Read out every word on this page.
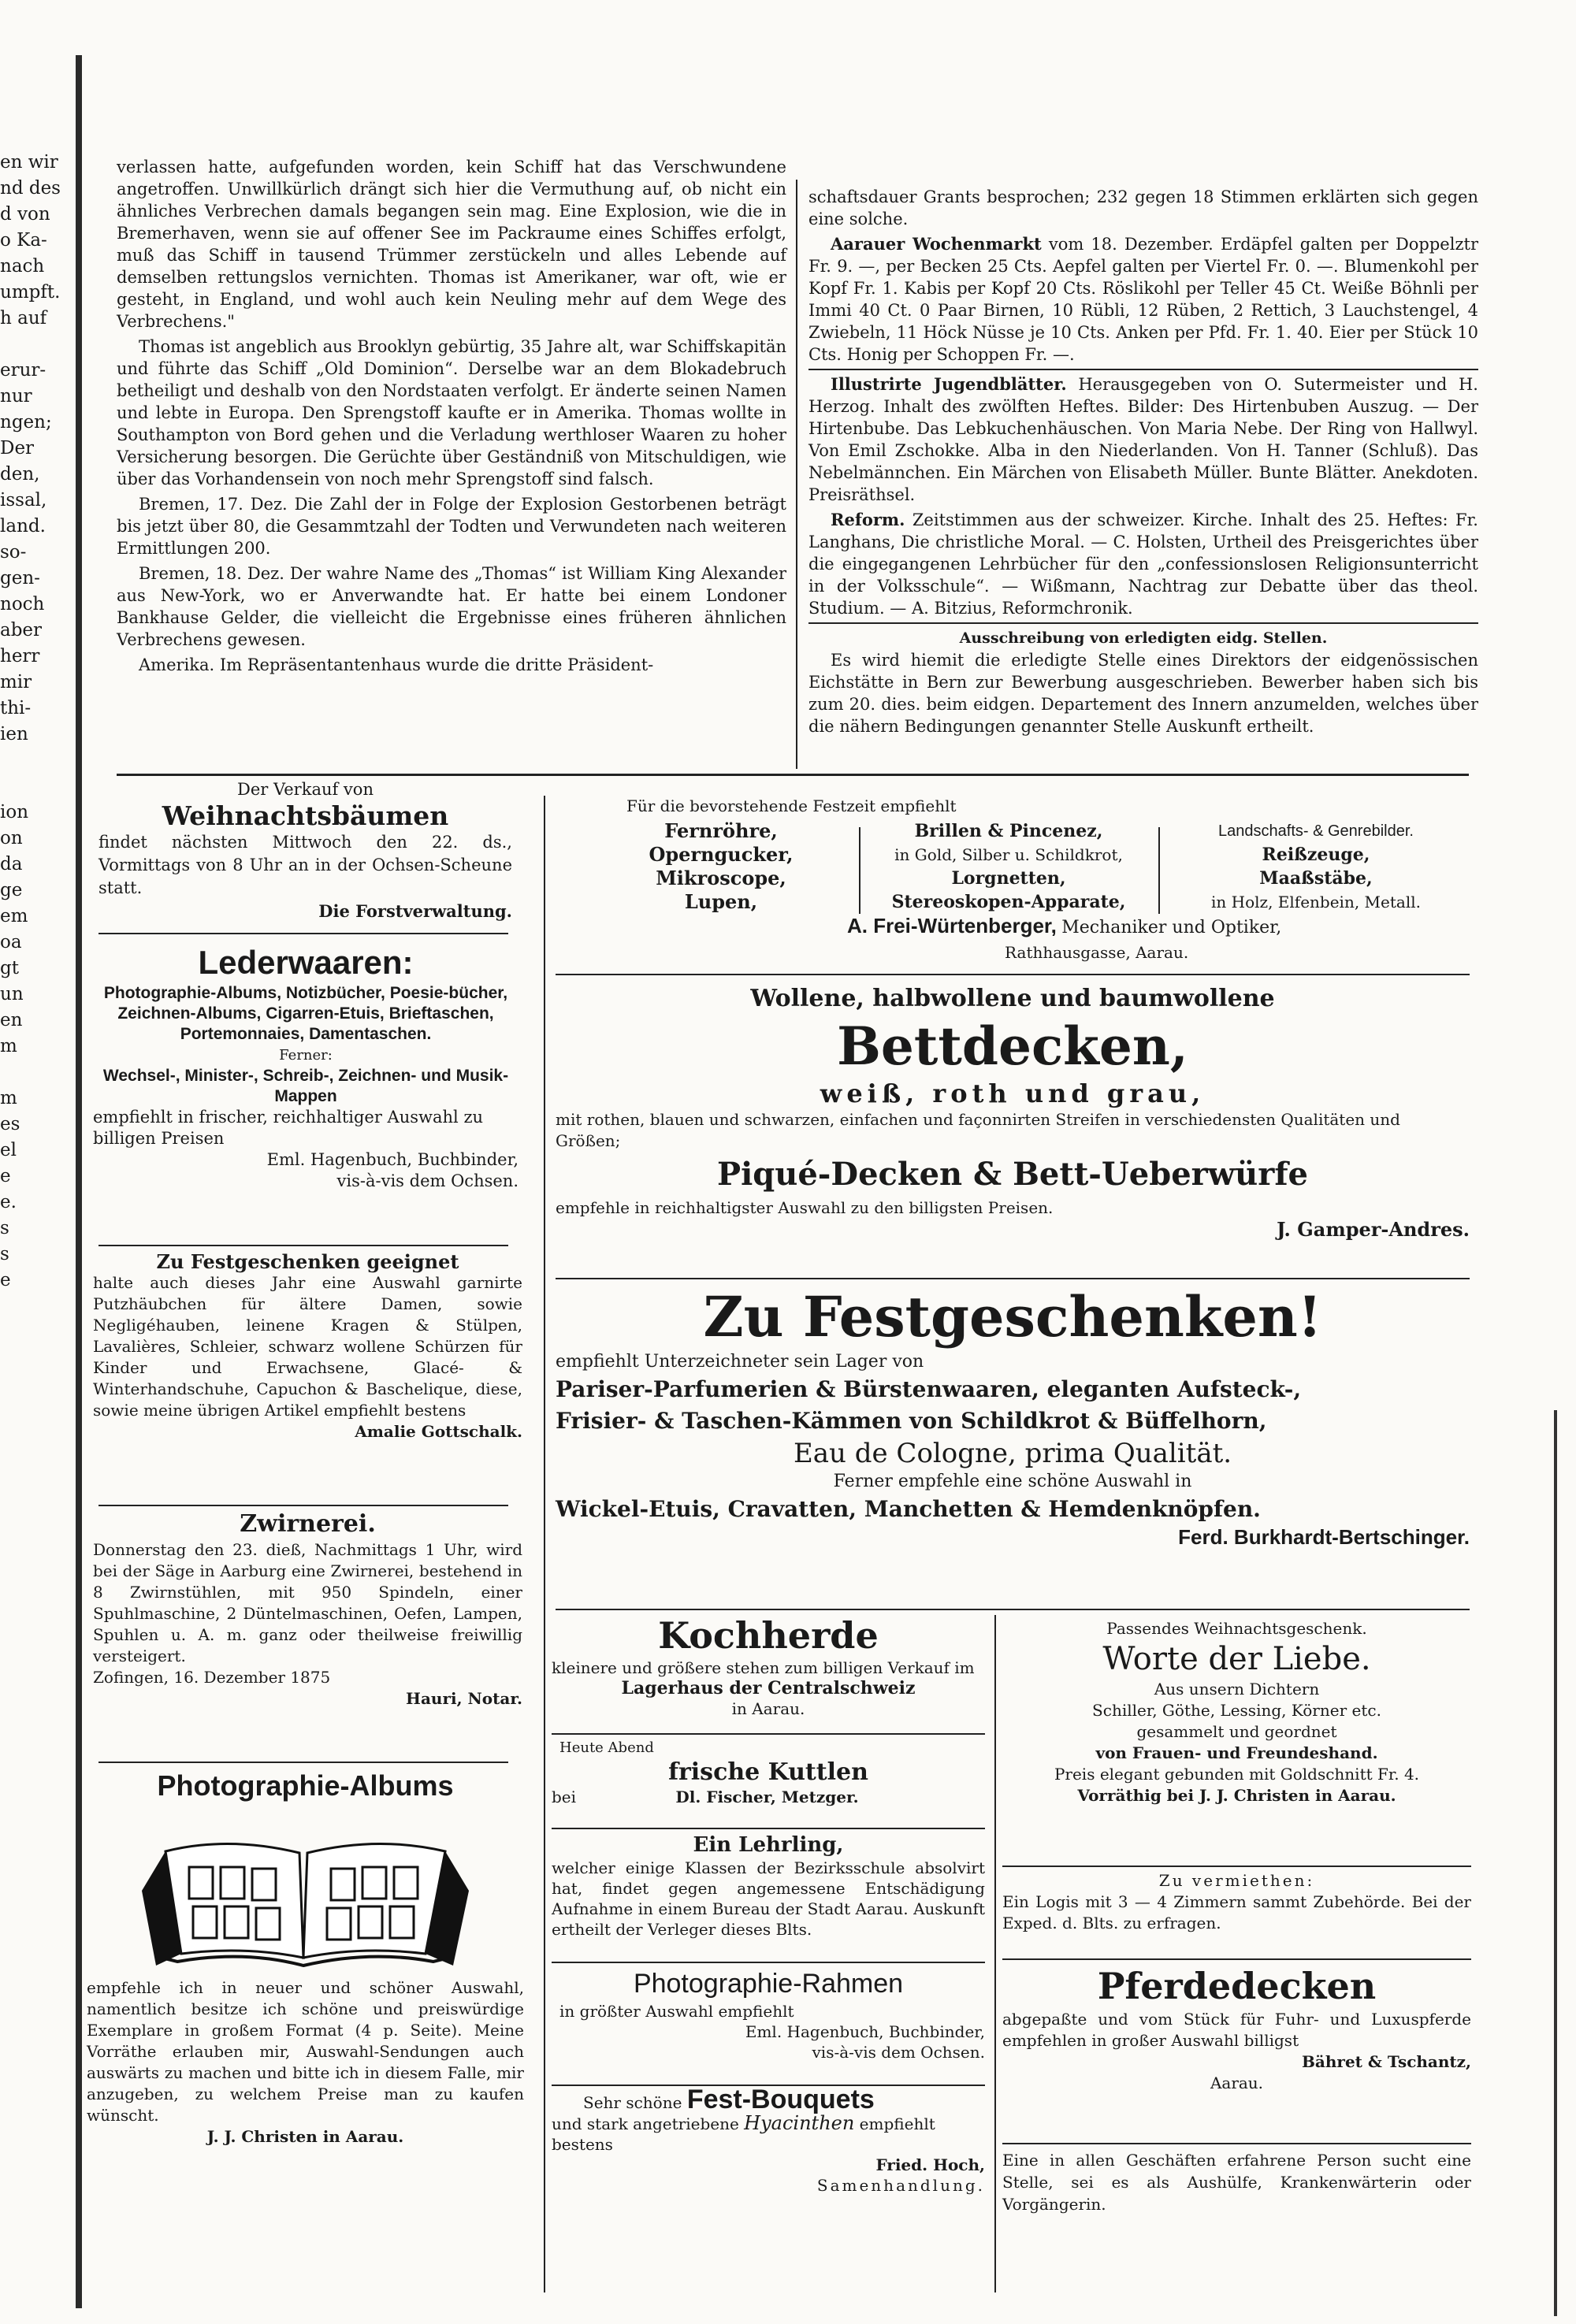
en wir
nd des
d von
o Ka-
nach
umpft.
h auf

erur-
nur
ngen;
Der
den,
issal,
land.
so-
gen-
noch
aber
herr
mir
thi-
ien

ion
on
da
ge
em
oa
gt
un
en
m

m
es
el
e
e.
s
s
e

verlassen hatte, aufgefunden worden, kein Schiff hat das Verschwundene angetroffen. Unwillkürlich drängt sich hier die Vermuthung auf, ob nicht ein ähnliches Verbrechen damals begangen sein mag. Eine Explosion, wie die in Bremerhaven, wenn sie auf offener See im Packraume eines Schiffes erfolgt, muß das Schiff in tausend Trümmer zerstückeln und alles Lebende auf demselben rettungslos vernichten. Thomas ist Amerikaner, war oft, wie er gesteht, in England, und wohl auch kein Neuling mehr auf dem Wege des Verbrechens."

Thomas ist angeblich aus Brooklyn gebürtig, 35 Jahre alt, war Schiffskapitän und führte das Schiff „Old Dominion“. Derselbe war an dem Blokadebruch betheiligt und deshalb von den Nordstaaten verfolgt. Er änderte seinen Namen und lebte in Europa. Den Sprengstoff kaufte er in Amerika. Thomas wollte in Southampton von Bord gehen und die Verladung werthloser Waaren zu hoher Versicherung besorgen. Die Gerüchte über Geständniß von Mitschuldigen, wie über das Vorhandensein von noch mehr Sprengstoff sind falsch.

Bremen, 17. Dez. Die Zahl der in Folge der Explosion Gestorbenen beträgt bis jetzt über 80, die Gesammtzahl der Todten und Verwundeten nach weiteren Ermittlungen 200.

Bremen, 18. Dez. Der wahre Name des „Thomas“ ist William King Alexander aus New-York, wo er Anverwandte hat. Er hatte bei einem Londoner Bankhause Gelder, die vielleicht die Ergebnisse eines früheren ähnlichen Verbrechens gewesen.

Amerika. Im Repräsentantenhaus wurde die dritte Präsident-

schaftsdauer Grants besprochen; 232 gegen 18 Stimmen erklärten sich gegen eine solche.

Aarauer Wochenmarkt vom 18. Dezember. Erdäpfel galten per Doppelztr Fr. 9. —, per Becken 25 Cts. Aepfel galten per Viertel Fr. 0. —. Blumenkohl per Kopf Fr. 1. Kabis per Kopf 20 Cts. Röslikohl per Teller 45 Ct. Weiße Böhnli per Immi 40 Ct. 0 Paar Birnen, 10 Rübli, 12 Rüben, 2 Rettich, 3 Lauchstengel, 4 Zwiebeln, 11 Höck Nüsse je 10 Cts. Anken per Pfd. Fr. 1. 40. Eier per Stück 10 Cts. Honig per Schoppen Fr. —.

Illustrirte Jugendblätter. Herausgegeben von O. Sutermeister und H. Herzog. Inhalt des zwölften Heftes. Bilder: Des Hirtenbuben Auszug. — Der Hirtenbube. Das Lebkuchenhäuschen. Von Maria Nebe. Der Ring von Hallwyl. Von Emil Zschokke. Alba in den Niederlanden. Von H. Tanner (Schluß). Das Nebelmännchen. Ein Märchen von Elisabeth Müller. Bunte Blätter. Anekdoten. Preisräthsel.

Reform. Zeitstimmen aus der schweizer. Kirche. Inhalt des 25. Heftes: Fr. Langhans, Die christliche Moral. — C. Holsten, Urtheil des Preisgerichtes über die eingegangenen Lehrbücher für den „confessionslosen Religionsunterricht in der Volksschule“. — Wißmann, Nachtrag zur Debatte über das theol. Studium. — A. Bitzius, Reformchronik.

Ausschreibung von erledigten eidg. Stellen.

Es wird hiemit die erledigte Stelle eines Direktors der eidgenössischen Eichstätte in Bern zur Bewerbung ausgeschrieben. Bewerber haben sich bis zum 20. dies. beim eidgen. Departement des Innern anzumelden, welches über die nähern Bedingungen genannter Stelle Auskunft ertheilt.

Der Verkauf von

Weihnachtsbäumen

findet nächsten Mittwoch den 22. ds., Vormittags von 8 Uhr an in der Ochsen-Scheune statt.

Die Forstverwaltung.

Lederwaaren:

Photographie-Albums, Notizbücher, Poesie-bücher, Zeichnen-Albums, Cigarren-Etuis, Brieftaschen, Portemonnaies, Damentaschen.

Ferner:

Wechsel-, Minister-, Schreib-, Zeichnen- und Musik-Mappen

empfiehlt in frischer, reichhaltiger Auswahl zu billigen Preisen

Eml. Hagenbuch, Buchbinder,

vis-à-vis dem Ochsen.

Zu Festgeschenken geeignet

halte auch dieses Jahr eine Auswahl garnirte Putzhäubchen für ältere Damen, sowie Negligéhauben, leinene Kragen & Stülpen, Lavalières, Schleier, schwarz wollene Schürzen für Kinder und Erwachsene, Glacé- & Winterhandschuhe, Capuchon & Baschelique, diese, sowie meine übrigen Artikel empfiehlt bestens

Amalie Gottschalk.

Zwirnerei.

Donnerstag den 23. dieß, Nachmittags 1 Uhr, wird bei der Säge in Aarburg eine Zwirnerei, bestehend in 8 Zwirnstühlen, mit 950 Spindeln, einer Spuhlmaschine, 2 Düntelmaschinen, Oefen, Lampen, Spuhlen u. A. m. ganz oder theilweise freiwillig versteigert.

Zofingen, 16. Dezember 1875

Hauri, Notar.

Photographie-Albums

empfehle ich in neuer und schöner Auswahl, namentlich besitze ich schöne und preiswürdige Exemplare in großem Format (4 p. Seite). Meine Vorräthe erlauben mir, Auswahl-Sendungen auch auswärts zu machen und bitte ich in diesem Falle, mir anzugeben, zu welchem Preise man zu kaufen wünscht.

J. J. Christen in Aarau.

Für die bevorstehende Festzeit empfiehlt

Fernröhre,
Operngucker,
Mikroscope,
Lupen,
Brillen & Pincenez,
in Gold, Silber u. Schildkrot,
Lorgnetten,
Stereoskopen-Apparate,
Landschafts- & Genrebilder.
Reißzeuge,
Maaßstäbe,
in Holz, Elfenbein, Metall.
A. Frei-Würtenberger, Mechaniker und Optiker,
Rathhausgasse, Aarau.

Wollene, halbwollene und baumwollene

Bettdecken,

weiß, roth und grau,

mit rothen, blauen und schwarzen, einfachen und façonnirten Streifen in verschiedensten Qualitäten und Größen;

Piqué-Decken & Bett-Ueberwürfe

empfehle in reichhaltigster Auswahl zu den billigsten Preisen.

J. Gamper-Andres.

Zu Festgeschenken!

empfiehlt Unterzeichneter sein Lager von

Pariser-Parfumerien & Bürstenwaaren, eleganten Aufsteck-,

Frisier- & Taschen-Kämmen von Schildkrot & Büffelhorn,

Eau de Cologne, prima Qualität.

Ferner empfehle eine schöne Auswahl in

Wickel-Etuis, Cravatten, Manchetten & Hemdenknöpfen.

Ferd. Burkhardt-Bertschinger.

Kochherde

kleinere und größere stehen zum billigen Verkauf im

Lagerhaus der Centralschweiz

in Aarau.

Heute Abend

frische Kuttlen

bei	Dl. Fischer, Metzger.

Ein Lehrling,

welcher einige Klassen der Bezirksschule absolvirt hat, findet gegen angemessene Entschädigung Aufnahme in einem Bureau der Stadt Aarau. Auskunft ertheilt der Verleger dieses Blts.

Photographie-Rahmen

in größter Auswahl empfiehlt

Eml. Hagenbuch, Buchbinder,

vis-à-vis dem Ochsen.

Sehr schöne Fest-Bouquets

und stark angetriebene Hyacinthen empfiehlt bestens

Fried. Hoch,

Samenhandlung.

Passendes Weihnachtsgeschenk.

Worte der Liebe.

Aus unsern Dichtern

Schiller, Göthe, Lessing, Körner etc.

gesammelt und geordnet

von Frauen- und Freundeshand.

Preis elegant gebunden mit Goldschnitt Fr. 4.

Vorräthig bei J. J. Christen in Aarau.

Zu vermiethen:

Ein Logis mit 3 — 4 Zimmern sammt Zubehörde. Bei der Exped. d. Blts. zu erfragen.

Pferdedecken

abgepaßte und vom Stück für Fuhr- und Luxuspferde empfehlen in großer Auswahl billigst

Bähret & Tschantz,

Aarau.

Eine in allen Geschäften erfahrene Person sucht eine Stelle, sei es als Aushülfe, Krankenwärterin oder Vorgängerin.
